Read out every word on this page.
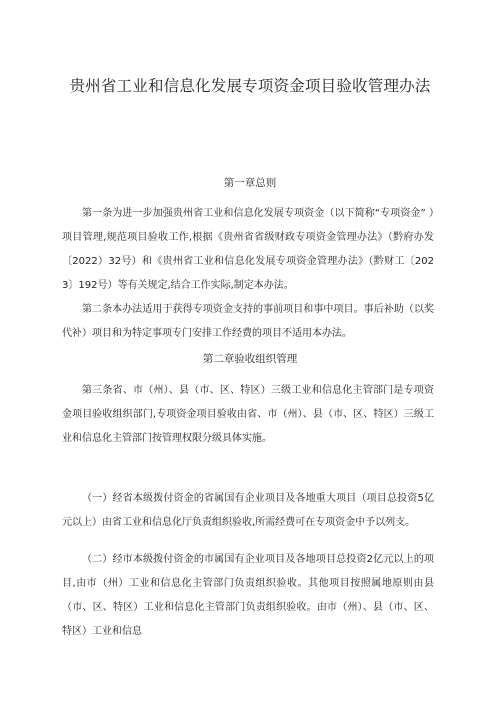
贵州省工业和信息化发展专项资金项目验收管理办法
第一章总则
第一条为进一步加强贵州省工业和信息化发展专项资金（以下简称“专项资金” ）项目管理,规范项目验收工作,根据《贵州省省级财政专项资金管理办法》（黔府办发〔2022）32号）和《贵州省工业和信息化发展专项资金管理办法》（黔财工〔2023〕192号）等有关规定,结合工作实际,制定本办法。
第二条本办法适用于获得专项资金支持的事前项目和事中项目。事后补助（以奖代补）项目和为特定事项专门安排工作经费的项目不适用本办法。
第二章验收组织管理
第三条省、市（州）、县（市、区、特区）三级工业和信息化主管部门是专项资金项目验收组织部门,专项资金项目验收由省、市（州）、县（市、区、特区）三级工业和信息化主管部门按管理权限分级具体实施。
（一）经省本级拨付资金的省属国有企业项目及各地重大项目（项目总投资5亿元以上）由省工业和信息化厅负责组织验收,所需经费可在专项资金中予以列支。
（二）经市本级拨付资金的市属国有企业项目及各地项目总投资2亿元以上的项目,由市（州）工业和信息化主管部门负责组织验收。其他项目按照属地原则由县（市、区、特区）工业和信息化主管部门负责组织验收。由市（州）、县（市、区、特区）工业和信息
